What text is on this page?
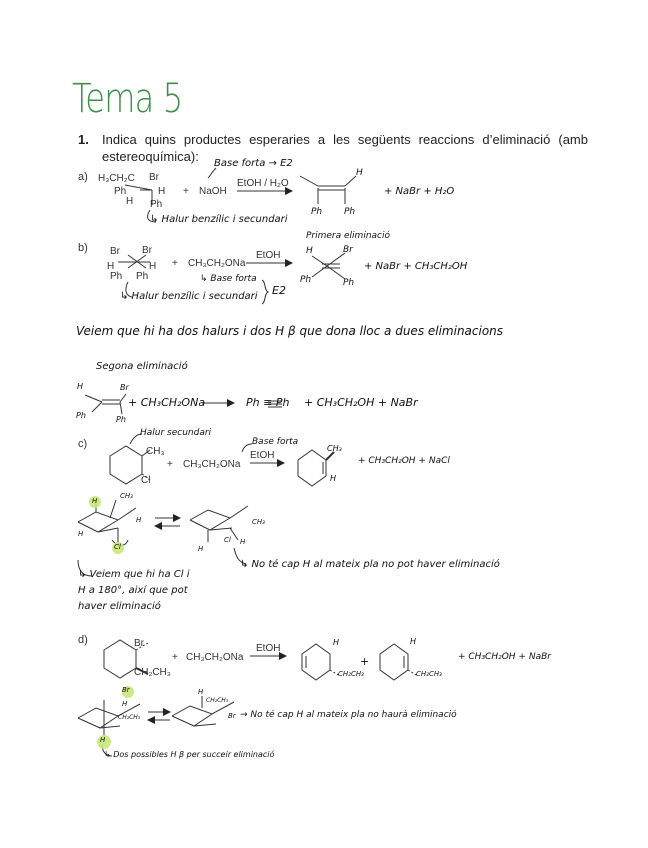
Tema 5
1. Indica quins productes esperaries a les següents reaccions d’eliminació (amb estereoquímica):
a) H₃CH₂C Br
Ph	H
H Ph
+ NaOH
EtOH / H₂O
Base forta → E2
↳ Halur benzílic i secundari
H
Ph Ph
+ NaBr + H₂O
b) Br Br
H	H
Ph Ph
+ CH₃CH₂ONa
EtOH
↳ Base forta
E2
↳ Halur benzílic i secundari
Primera eliminació
H	Br
Ph	Ph
+ NaBr + CH₃CH₂OH
Veiem que hi ha dos halurs i dos H β que dona lloc a dues eliminacions
Segona eliminació
H	Br
Ph	Ph
+ CH₃CH₂ONa	Ph ≡ Ph + CH₃CH₂OH + NaBr
c)
Halur secundari
CH₃
Cl
+ CH₃CH₂ONa
Base forta
EtOH
CH₃
H
+ CH₃CH₂OH + NaCl
H
CH₃
H
H
Cl
CH₃
H
H
Cl
↳ No té cap H al mateix pla no pot haver eliminació
↳ Veiem que hi ha Cl i
H a 180°, així que pot
haver eliminació
d)	Br
CH₂CH₃
+ CH₃CH₂ONa
EtOH
H
CH₂CH₃
+
H
CH₂CH₃
+ CH₃CH₂OH + NaBr
Br
H
CH₂CH₃
H
H
CH₂CH₃
Br → No té cap H al mateix pla no haurà eliminació
↳ Dos possibles H β per succeir eliminació
